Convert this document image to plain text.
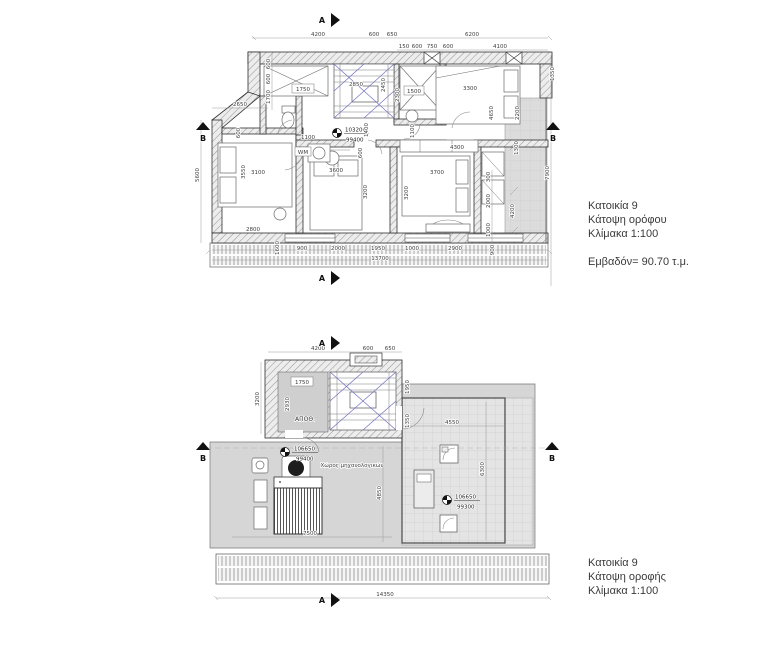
103200
99400
4200	600 650	6200
150 600 750 600	4100
2650
600
600
1700
5600
600
3550 3100
2800
1600
1750
2850	2450
2300 1500
1100
1400
3600
3200
600
WM
3300
4650	2200
1350
4300
3700
1100
3200
1300
300
2000
1000
4200
7900
900	2000	1950	1000	2900	900
13700
A
A
B	B
1750
ΑΠΟΘ.
106650
99400
106650
99300
Χώρος μηχανολογικών
4200	600 650
3200	2930
1950
1350	4550
6300
4850
7500
14350
A
A
B	B
Κατοικία 9
Κάτοψη ορόφου
Κλίμακα 1:100
Εμβαδόν= 90.70 τ.μ.
Κατοικία 9
Κάτοψη οροφής
Κλίμακα 1:100
